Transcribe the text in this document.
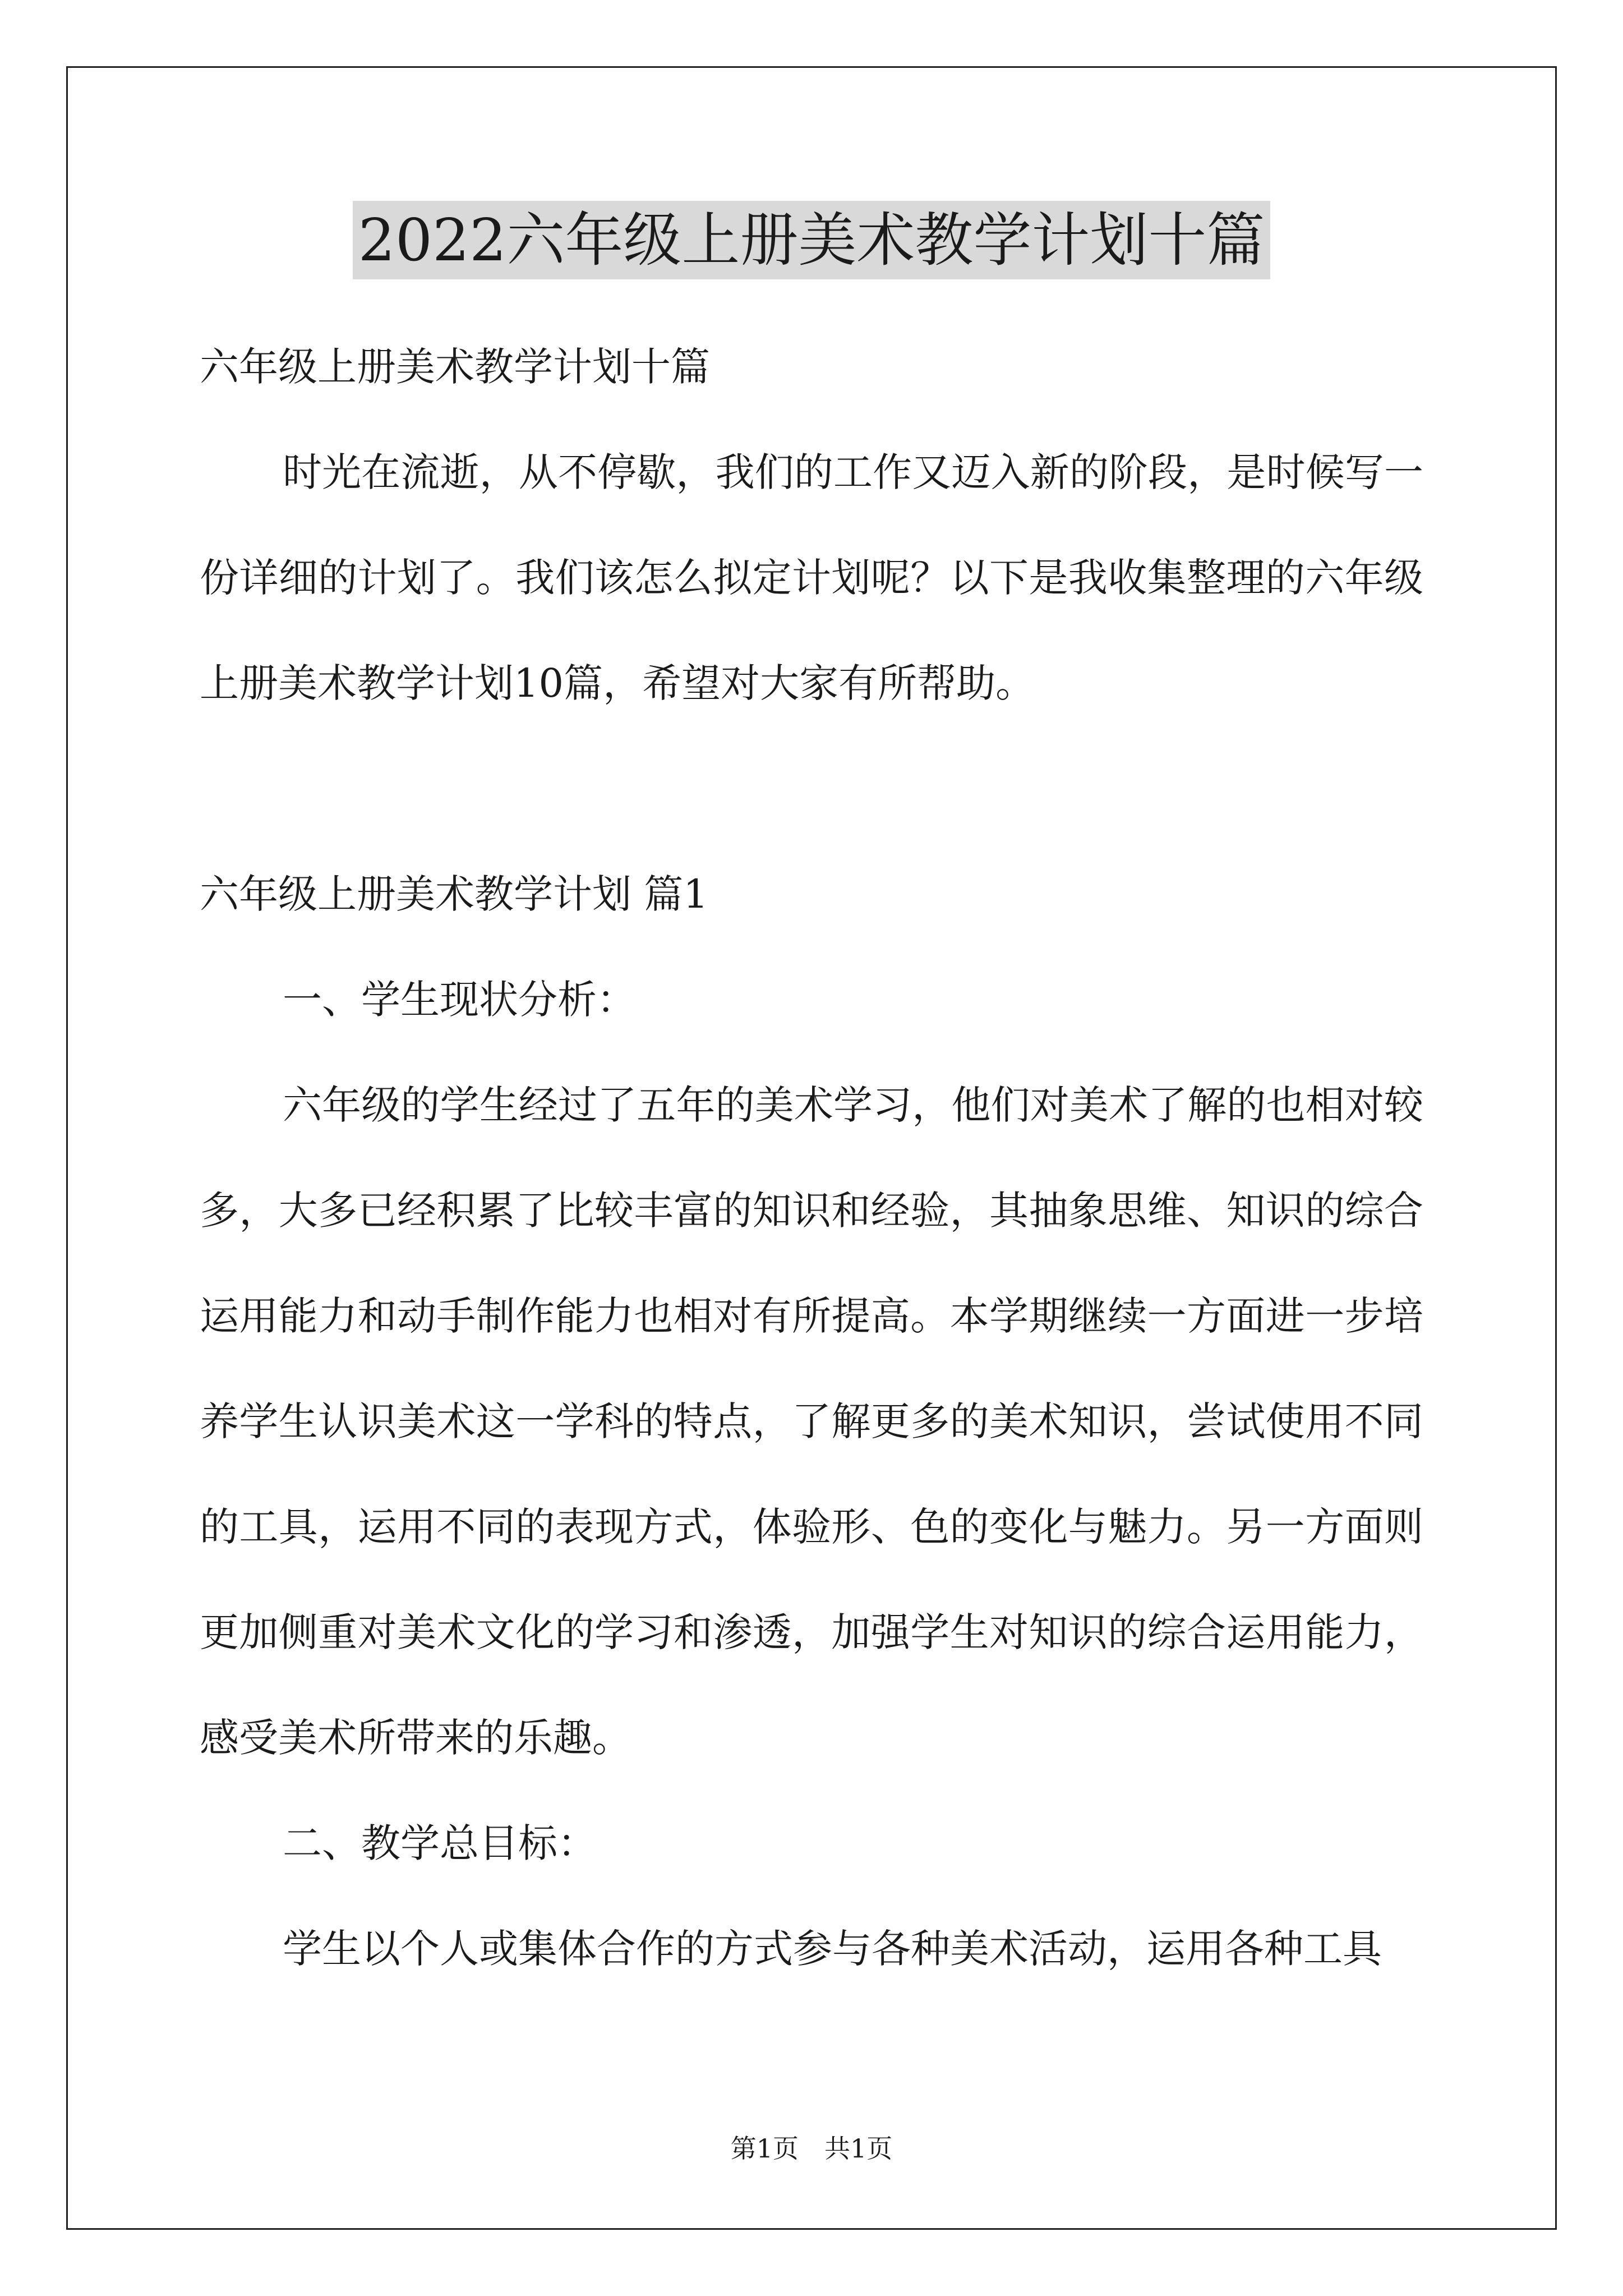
2022六年级上册美术教学计划十篇

六年级上册美术教学计划十篇

时光在流逝，从不停歇，我们的工作又迈入新的阶段，是时候写一份详细的计划了。我们该怎么拟定计划呢？以下是我收集整理的六年级上册美术教学计划10篇，希望对大家有所帮助。

六年级上册美术教学计划 篇1

一、学生现状分析：

六年级的学生经过了五年的美术学习，他们对美术了解的也相对较多，大多已经积累了比较丰富的知识和经验，其抽象思维、知识的综合运用能力和动手制作能力也相对有所提高。本学期继续一方面进一步培养学生认识美术这一学科的特点，了解更多的美术知识，尝试使用不同的工具，运用不同的表现方式，体验形、色的变化与魅力。另一方面则更加侧重对美术文化的学习和渗透，加强学生对知识的综合运用能力，感受美术所带来的乐趣。

二、教学总目标：

学生以个人或集体合作的方式参与各种美术活动，运用各种工具

第1页　共1页
